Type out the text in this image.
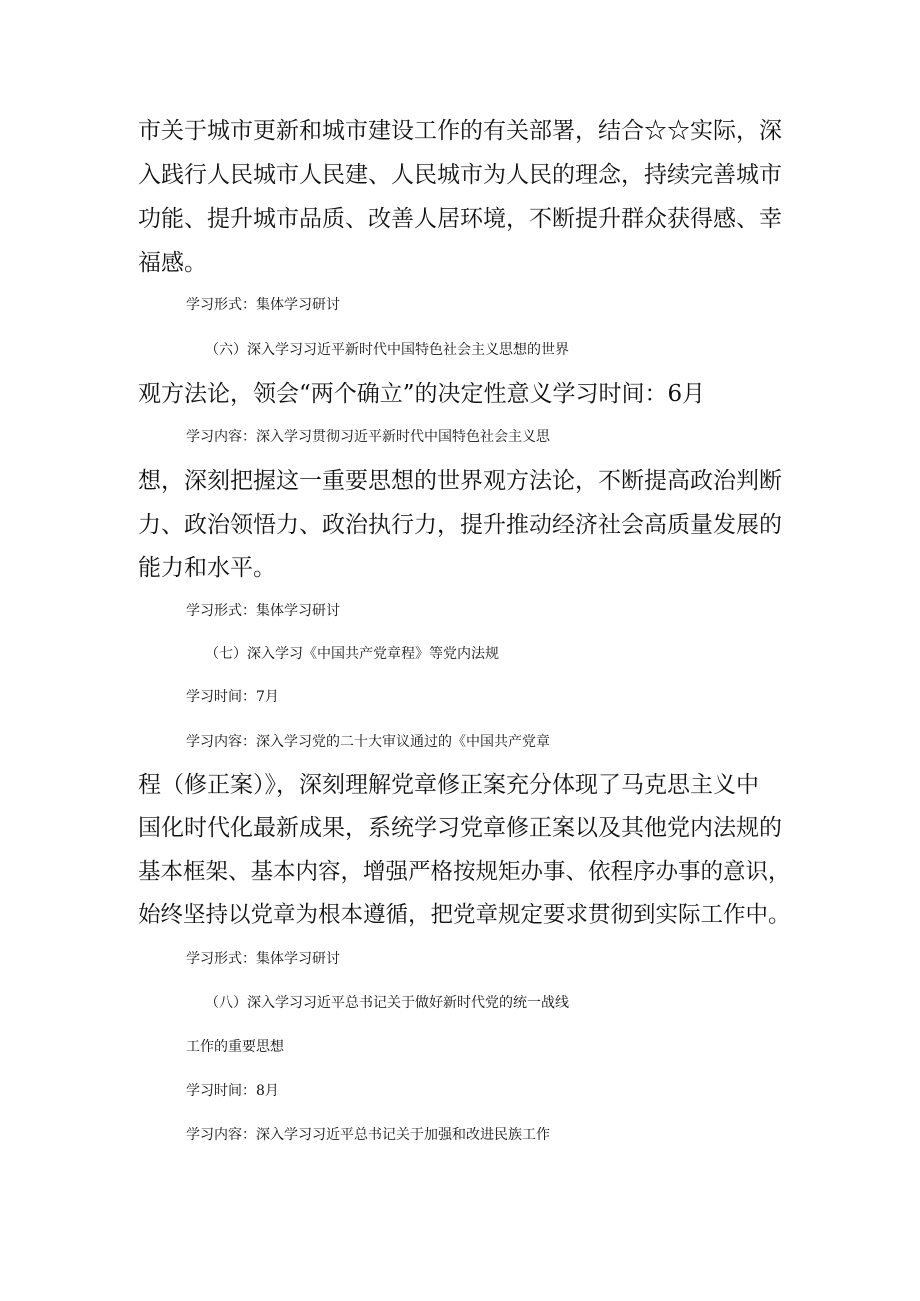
市关于城市更新和城市建设工作的有关部署，结合☆☆实际，深
入践行人民城市人民建、人民城市为人民的理念，持续完善城市
功能、提升城市品质、改善人居环境，不断提升群众获得感、幸
福感。
学习形式：集体学习研讨
（六）深入学习习近平新时代中国特色社会主义思想的世界
观方法论，领会“两个确立”的决定性意义学习时间：6月
学习内容：深入学习贯彻习近平新时代中国特色社会主义思
想，深刻把握这一重要思想的世界观方法论，不断提高政治判断
力、政治领悟力、政治执行力，提升推动经济社会高质量发展的
能力和水平。
学习形式：集体学习研讨
（七）深入学习《中国共产党章程》等党内法规
学习时间：7月
学习内容：深入学习党的二十大审议通过的《中国共产党章
程（修正案）》，深刻理解党章修正案充分体现了马克思主义中
国化时代化最新成果，系统学习党章修正案以及其他党内法规的
基本框架、基本内容，增强严格按规矩办事、依程序办事的意识，
始终坚持以党章为根本遵循，把党章规定要求贯彻到实际工作中。
学习形式：集体学习研讨
（八）深入学习习近平总书记关于做好新时代党的统一战线
工作的重要思想
学习时间：8月
学习内容：深入学习习近平总书记关于加强和改进民族工作
